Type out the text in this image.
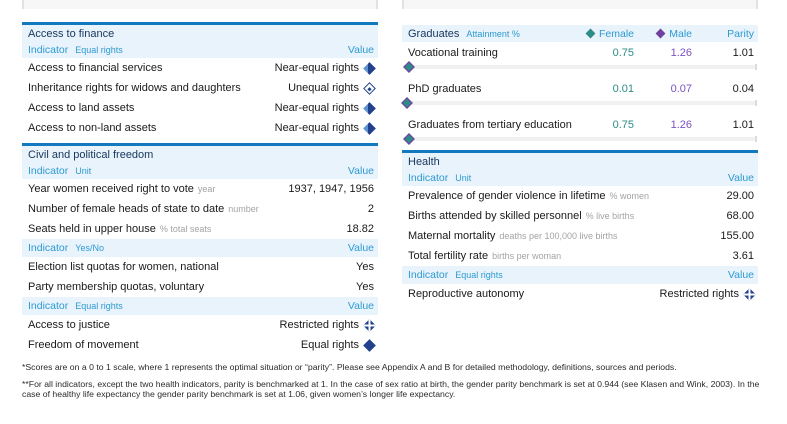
Access to finance
Indicator Equal rights	Value
Access to financial services	Near-equal rights
Inheritance rights for widows and daughters	Unequal rights
Access to land assets	Near-equal rights
Access to non-land assets	Near-equal rights
Civil and political freedom
Indicator Unit	Value
Year women received right to vote year	1937, 1947, 1956
Number of female heads of state to date number	2
Seats held in upper house % total seats	18.82
Indicator Yes/No	Value
Election list quotas for women, national	Yes
Party membership quotas, voluntary	Yes
Indicator Equal rights	Value
Access to justice	Restricted rights
Freedom of movement	Equal rights
Graduates Attainment %	Female	Male	Parity
Vocational training	0.75	1.26	1.01
PhD graduates	0.01	0.07	0.04
Graduates from tertiary education	0.75	1.26	1.01
Health
Indicator Unit	Value
Prevalence of gender violence in lifetime % women	29.00
Births attended by skilled personnel % live births	68.00
Maternal mortality deaths per 100,000 live births	155.00
Total fertility rate births per woman	3.61
Indicator Equal rights	Value
Reproductive autonomy	Restricted rights

*Scores are on a 0 to 1 scale, where 1 represents the optimal situation or “parity”. Please see Appendix A and B for detailed methodology, definitions, sources and periods.

**For all indicators, except the two health indicators, parity is benchmarked at 1. In the case of sex ratio at birth, the gender parity benchmark is set at 0.944 (see Klasen and Wink, 2003). In the case of healthy life expectancy the gender parity benchmark is set at 1.06, given women’s longer life expectancy.
